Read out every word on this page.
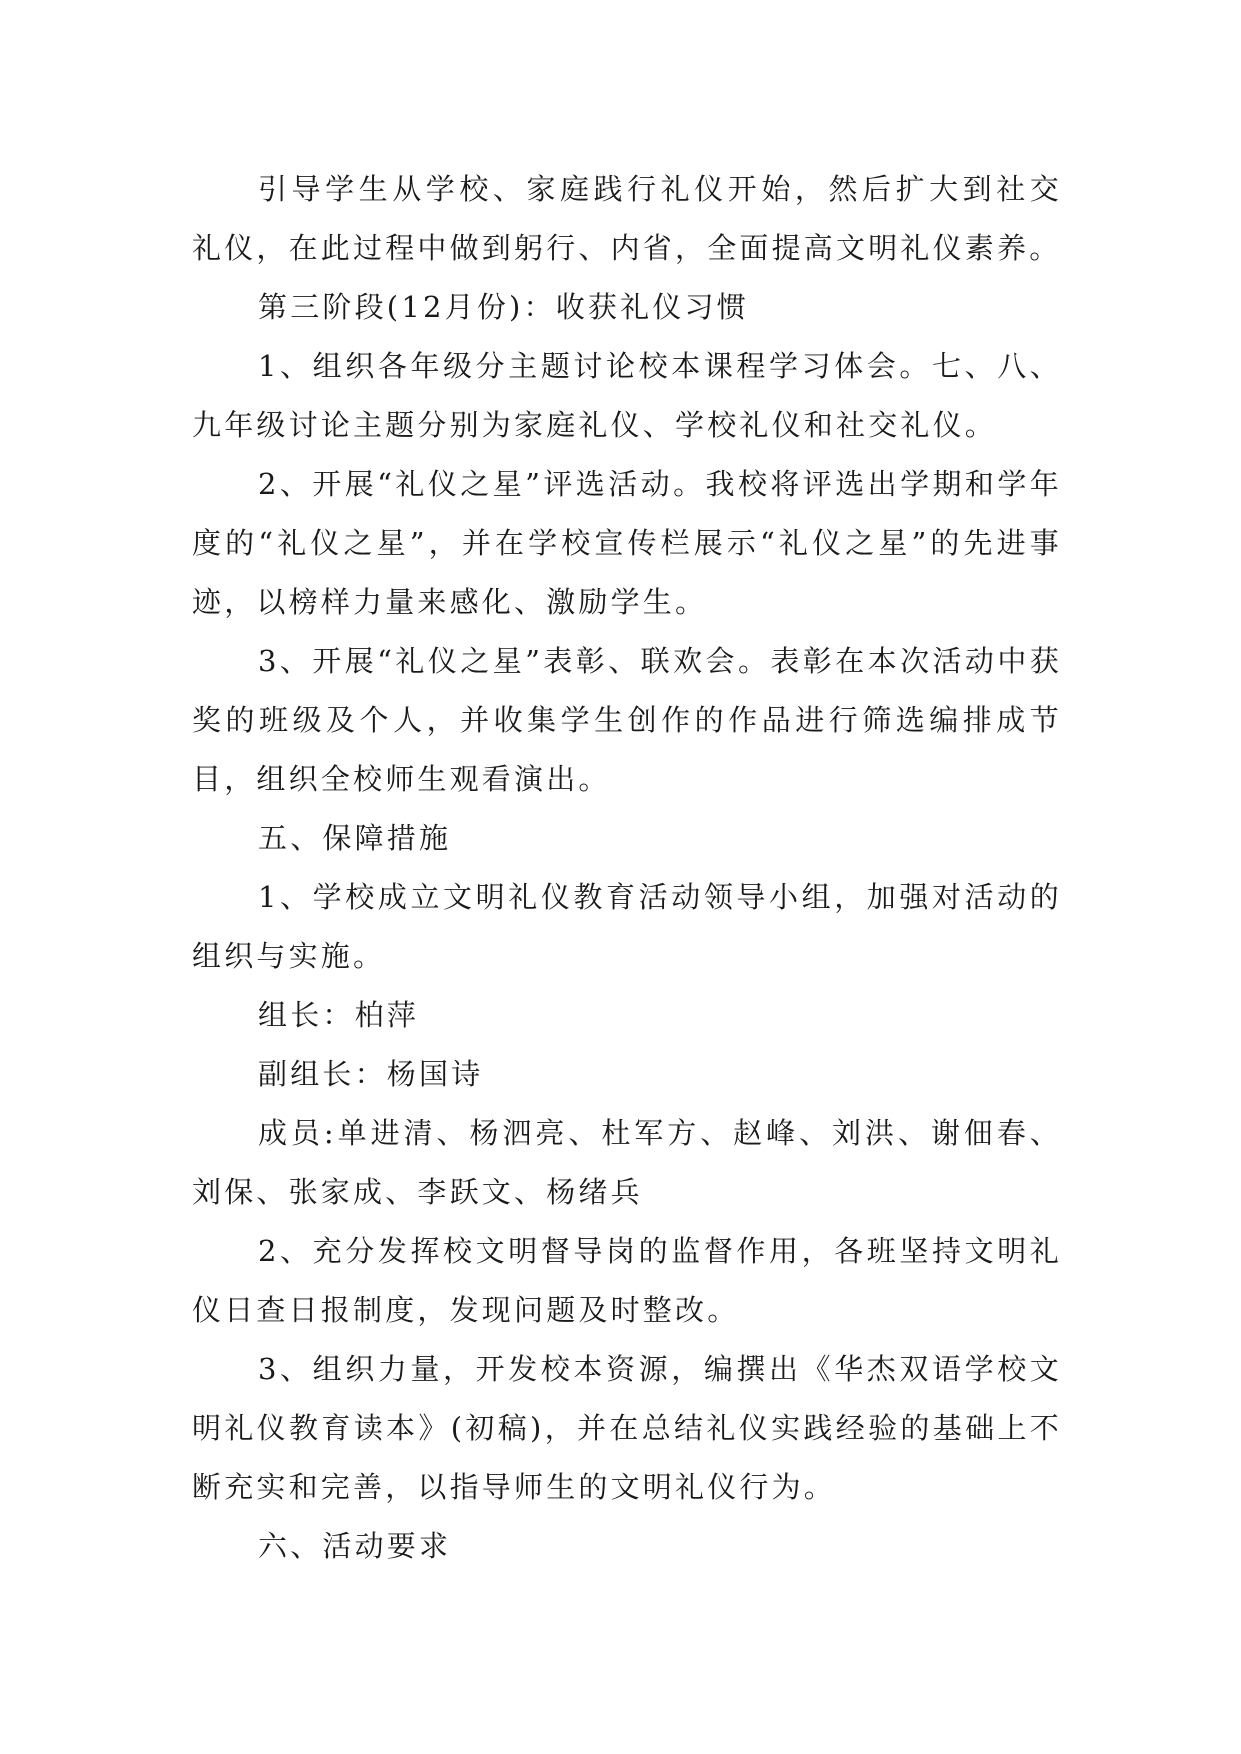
引导学生从学校、家庭践行礼仪开始，然后扩大到社交礼仪，在此过程中做到躬行、内省，全面提高文明礼仪素养。

第三阶段(12月份)：收获礼仪习惯

1、组织各年级分主题讨论校本课程学习体会。七、八、九年级讨论主题分别为家庭礼仪、学校礼仪和社交礼仪。

2、开展“礼仪之星”评选活动。我校将评选出学期和学年度的“礼仪之星”，并在学校宣传栏展示“礼仪之星”的先进事迹，以榜样力量来感化、激励学生。

3、开展“礼仪之星”表彰、联欢会。表彰在本次活动中获奖的班级及个人，并收集学生创作的作品进行筛选编排成节目，组织全校师生观看演出。

五、保障措施

1、学校成立文明礼仪教育活动领导小组，加强对活动的组织与实施。

组长：柏萍

副组长：杨国诗

成员:单进清、杨泗亮、杜军方、赵峰、刘洪、谢佃春、刘保、张家成、李跃文、杨绪兵

2、充分发挥校文明督导岗的监督作用，各班坚持文明礼仪日查日报制度，发现问题及时整改。

3、组织力量，开发校本资源，编撰出《华杰双语学校文明礼仪教育读本》(初稿)，并在总结礼仪实践经验的基础上不断充实和完善，以指导师生的文明礼仪行为。

六、活动要求
